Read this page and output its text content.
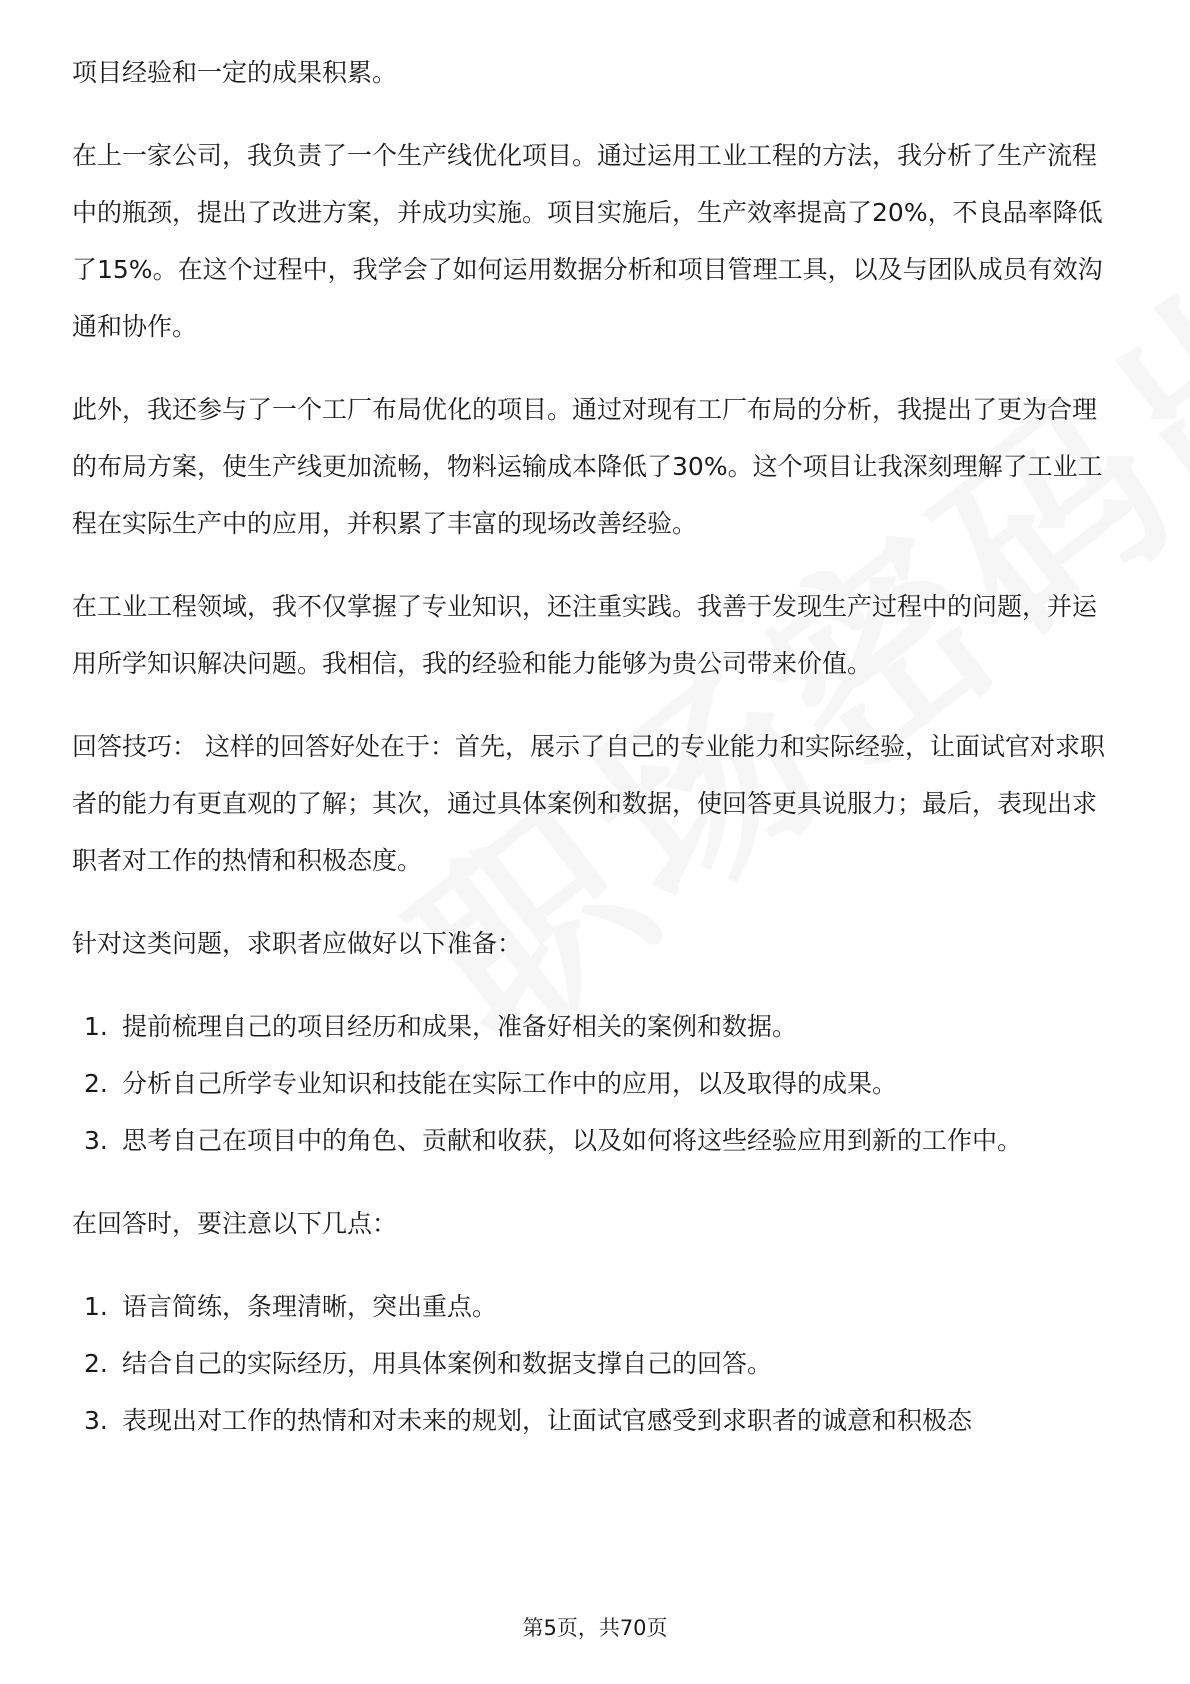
项目经验和一定的成果积累。

在上一家公司，我负责了一个生产线优化项目。通过运用工业工程的方法，我分析了生产流程中的瓶颈，提出了改进方案，并成功实施。项目实施后，生产效率提高了20%，不良品率降低了15%。在这个过程中，我学会了如何运用数据分析和项目管理工具，以及与团队成员有效沟通和协作。

此外，我还参与了一个工厂布局优化的项目。通过对现有工厂布局的分析，我提出了更为合理的布局方案，使生产线更加流畅，物料运输成本降低了30%。这个项目让我深刻理解了工业工程在实际生产中的应用，并积累了丰富的现场改善经验。

在工业工程领域，我不仅掌握了专业知识，还注重实践。我善于发现生产过程中的问题，并运用所学知识解决问题。我相信，我的经验和能力能够为贵公司带来价值。

回答技巧： 这样的回答好处在于：首先，展示了自己的专业能力和实际经验，让面试官对求职者的能力有更直观的了解；其次，通过具体案例和数据，使回答更具说服力；最后，表现出求职者对工作的热情和积极态度。

针对这类问题，求职者应做好以下准备：

1. 提前梳理自己的项目经历和成果，准备好相关的案例和数据。
2. 分析自己所学专业知识和技能在实际工作中的应用，以及取得的成果。
3. 思考自己在项目中的角色、贡献和收获，以及如何将这些经验应用到新的工作中。

在回答时，要注意以下几点：

1. 语言简练，条理清晰，突出重点。
2. 结合自己的实际经历，用具体案例和数据支撑自己的回答。
3. 表现出对工作的热情和对未来的规划，让面试官感受到求职者的诚意和积极态
第5页，共70页
